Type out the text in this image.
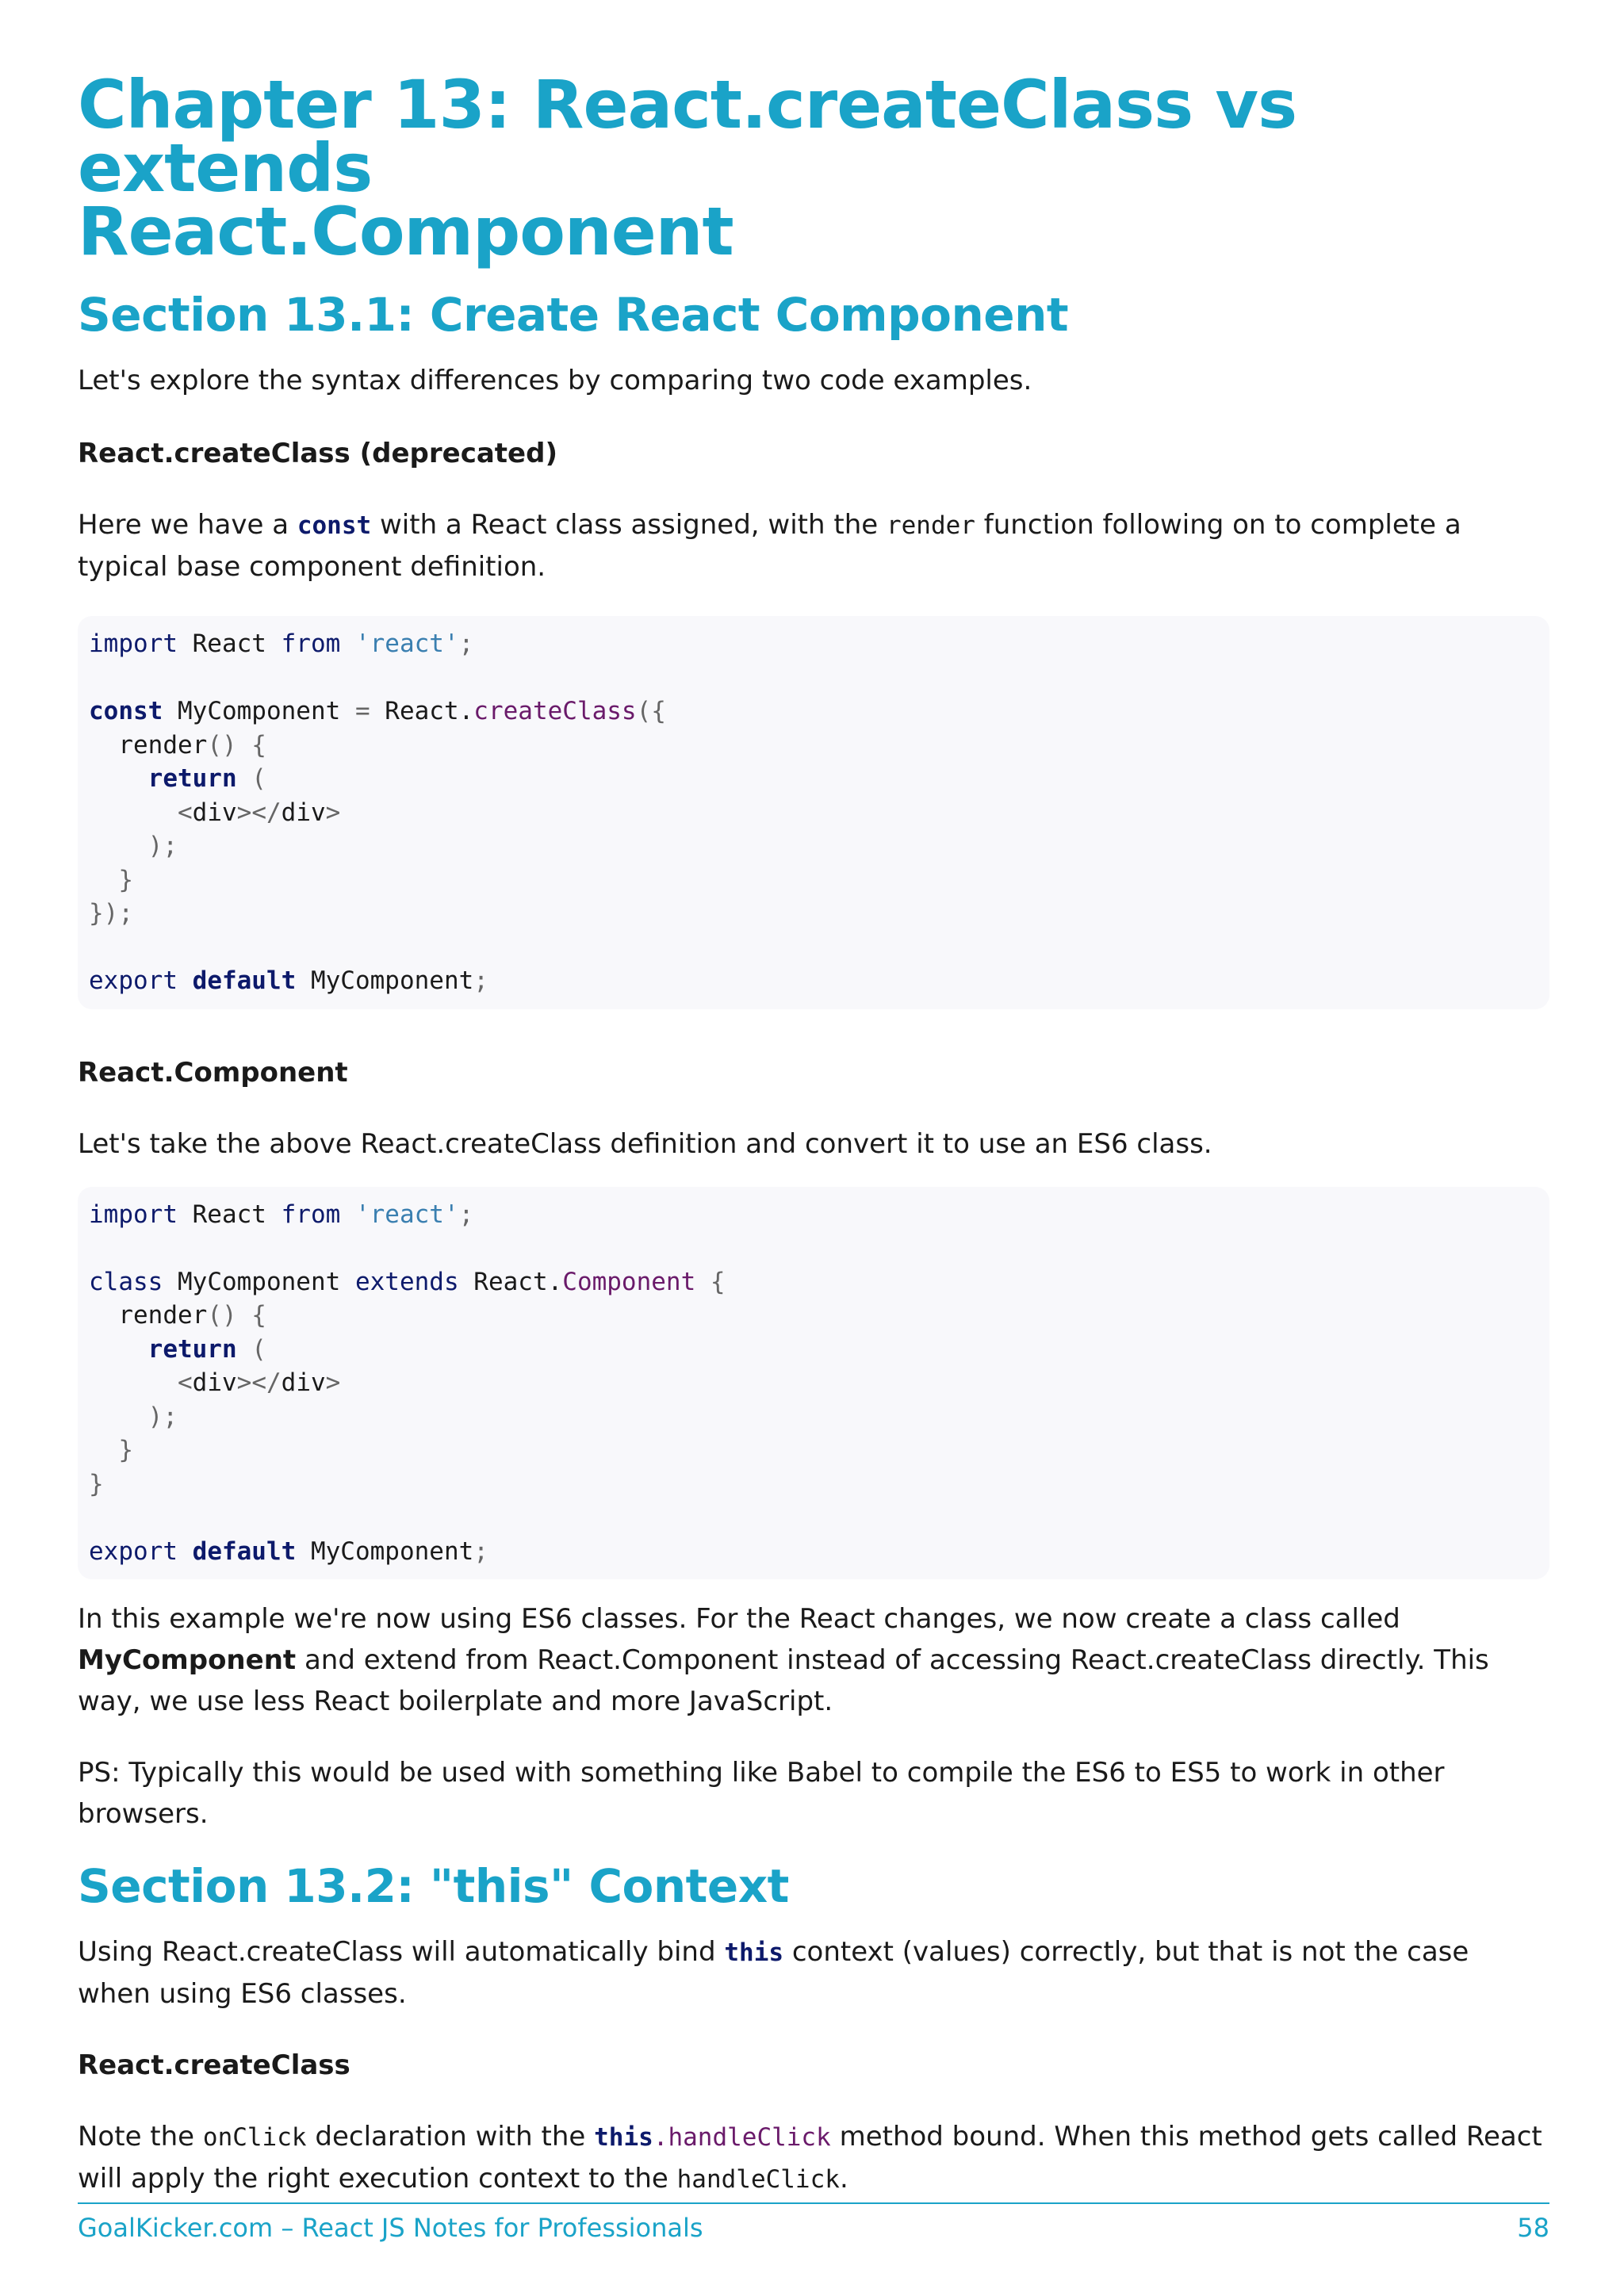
Chapter 13: React.createClass vs extends
React.Component
Section 13.1: Create React Component

Let's explore the syntax differences by comparing two code examples.

React.createClass (deprecated)

Here we have a const with a React class assigned, with the render function following on to complete a typical base component definition.

import React from 'react';

const MyComponent = React.createClass({
render() {
return (
<div></div>
);
}
});

export default MyComponent;

React.Component

Let's take the above React.createClass definition and convert it to use an ES6 class.

import React from 'react';

class MyComponent extends React.Component {
render() {
return (
<div></div>
);
}
}

export default MyComponent;

In this example we're now using ES6 classes. For the React changes, we now create a class called MyComponent and extend from React.Component instead of accessing React.createClass directly. This way, we use less React boilerplate and more JavaScript.

PS: Typically this would be used with something like Babel to compile the ES6 to ES5 to work in other browsers.

Section 13.2: "this" Context

Using React.createClass will automatically bind this context (values) correctly, but that is not the case when using ES6 classes.

React.createClass

Note the onClick declaration with the this.handleClick method bound. When this method gets called React will apply the right execution context to the handleClick.

GoalKicker.com – React JS Notes for Professionals	58
